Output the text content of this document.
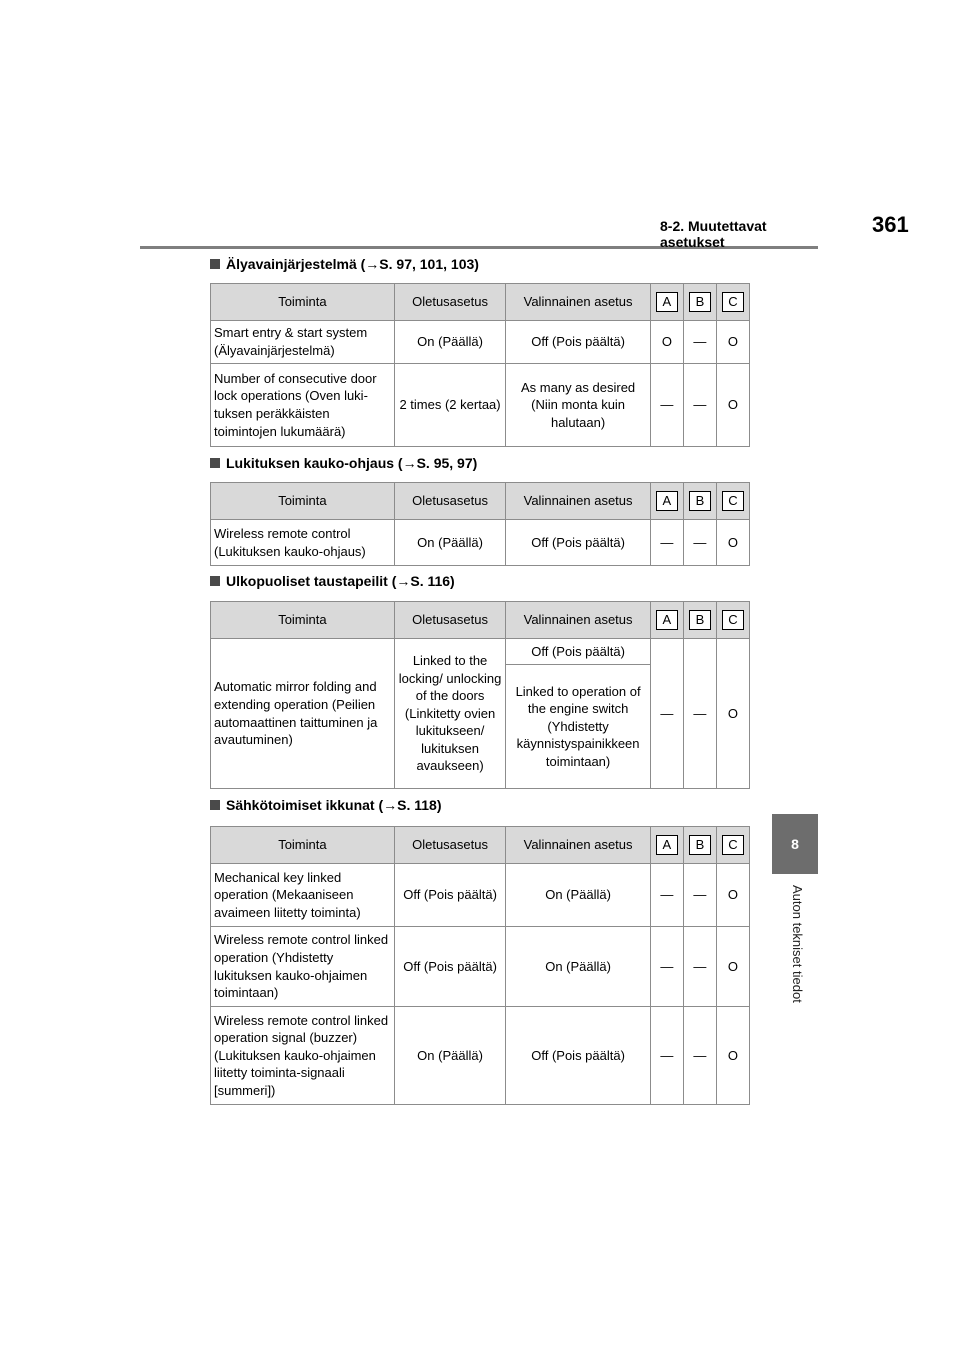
8-2. Muutettavat asetukset
361
8
Auton tekniset tiedot
Älyavainjärjestelmä (→S. 97, 101, 103)
Toiminta	Oletusasetus	Valinnainen asetus	A	B	C

Smart entry & start system (Älyavainjärjestelmä)	On (Päällä)	Off (Pois päältä)	O	—	O
Number of consecutive door lock operations (Oven luki-tuksen peräkkäisten toimintojen lukumäärä)	2 times (2 kertaa)	As many as desired (Niin monta kuin halutaan)	—	—	O
Lukituksen kauko-ohjaus (→S. 95, 97)
Toiminta	Oletusasetus	Valinnainen asetus	A	B	C

Wireless remote control (Lukituksen kauko-ohjaus)	On (Päällä)	Off (Pois päältä)	—	—	O
Ulkopuoliset taustapeilit (→S. 116)
Toiminta	Oletusasetus	Valinnainen asetus	A	B	C

Automatic mirror folding and extending operation (Peilien automaattinen taittuminen ja avautuminen)	Linked to the locking/ unlocking of the doors (Linkitetty ovien lukitukseen/ lukituksen avaukseen)	Off (Pois päältä)	—	—	O
		Linked to operation of the engine switch (Yhdistetty käynnistyspainikkeen toimintaan)			
Sähkötoimiset ikkunat (→S. 118)
Toiminta	Oletusasetus	Valinnainen asetus	A	B	C

Mechanical key linked operation (Mekaaniseen avaimeen liitetty toiminta)	Off (Pois päältä)	On (Päällä)	—	—	O
Wireless remote control linked operation (Yhdistetty lukituksen kauko-ohjaimen toimintaan)	Off (Pois päältä)	On (Päällä)	—	—	O
Wireless remote control linked operation signal (buzzer) (Lukituksen kauko-ohjaimen liitetty toiminta-signaali [summeri])	On (Päällä)	Off (Pois päältä)	—	—	O
